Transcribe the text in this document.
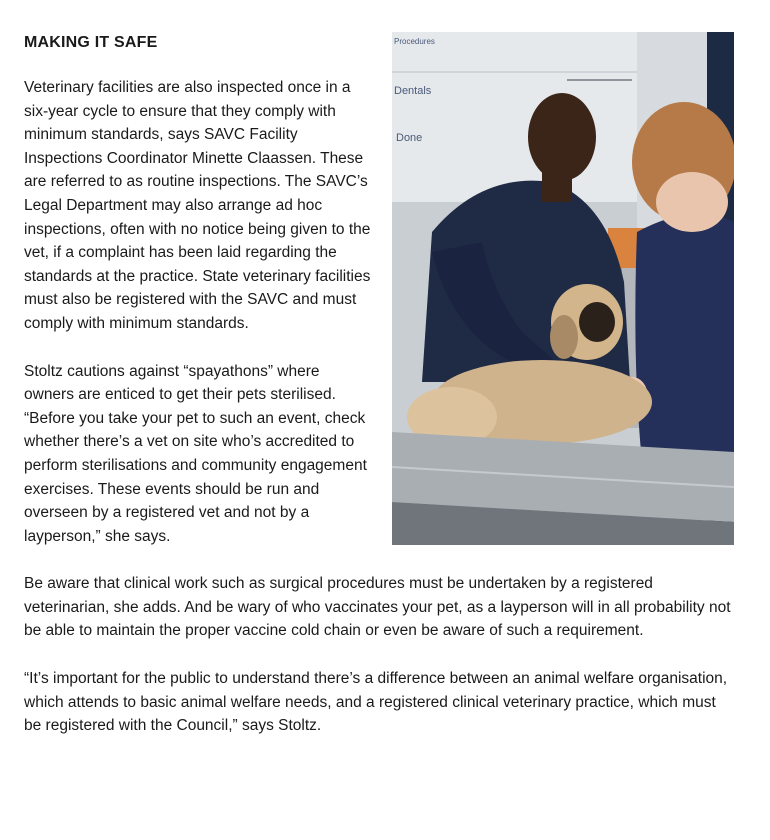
Procedures
Dentals
Done
MAKING IT SAFE

Veterinary facilities are also inspected once in a six-year cycle to ensure that they comply with minimum standards, says SAVC Facility Inspections Coordinator Minette Claassen. These are referred to as routine inspections. The SAVC’s Legal Department may also arrange ad hoc inspections, often with no notice being given to the vet, if a complaint has been laid regarding the standards at the practice. State veterinary facilities must also be registered with the SAVC and must comply with minimum standards.

Stoltz cautions against “spayathons” where owners are enticed to get their pets sterilised. “Before you take your pet to such an event, check whether there’s a vet on site who’s accredited to perform sterilisations and community engagement exercises. These events should be run and overseen by a registered vet and not by a layperson,” she says.

Be aware that clinical work such as surgical procedures must be undertaken by a registered veterinarian, she adds. And be wary of who vaccinates your pet, as a layperson will in all probability not be able to maintain the proper vaccine cold chain or even be aware of such a requirement.

“It’s important for the public to understand there’s a difference between an animal welfare organisation, which attends to basic animal welfare needs, and a registered clinical veterinary practice, which must be registered with the Council,” says Stoltz.
